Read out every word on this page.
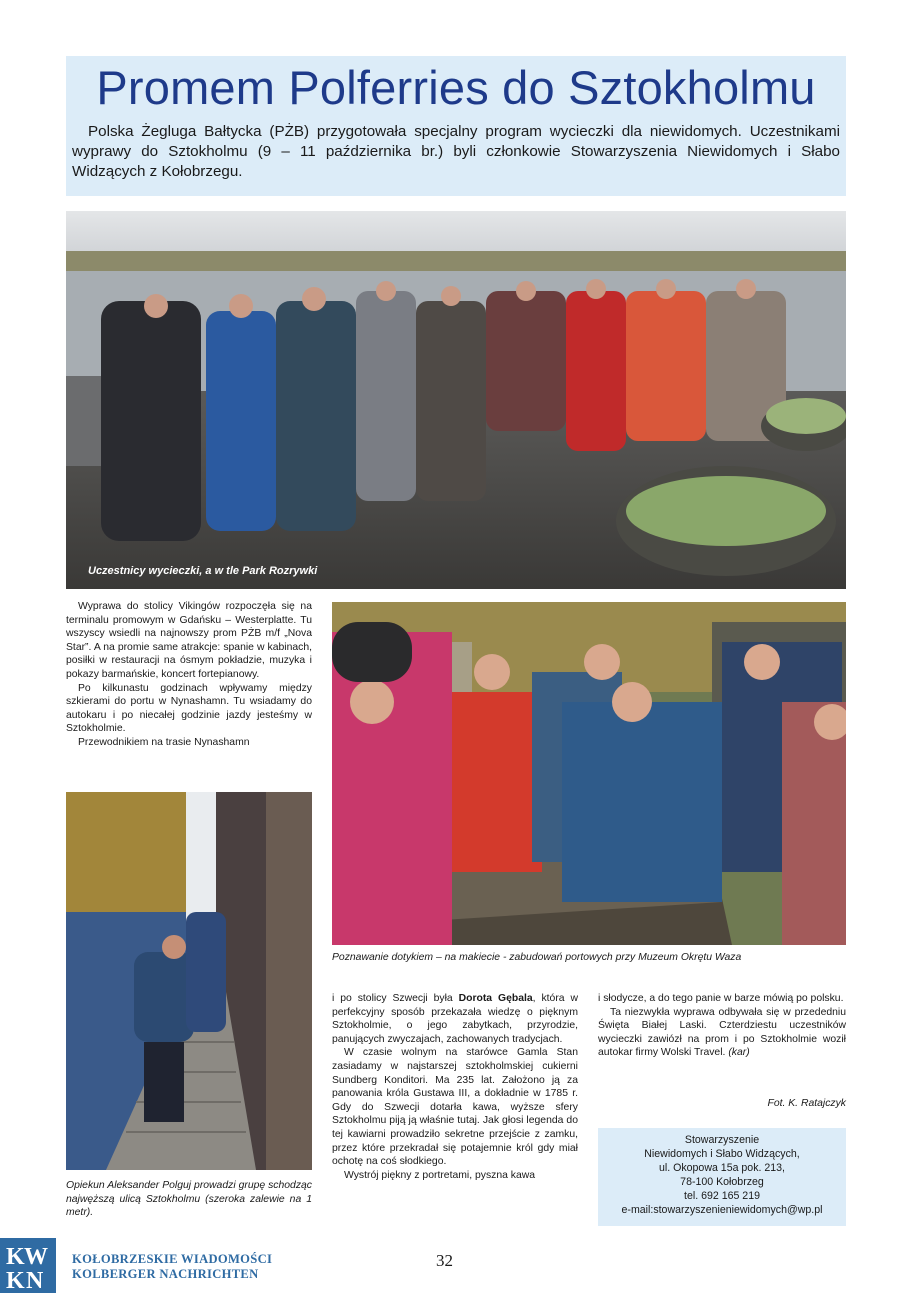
Promem Polferries do Sztokholmu
Polska Żegluga Bałtycka (PŻB) przygotowała specjalny program wycieczki dla niewidomych. Uczestnikami wyprawy do Sztokholmu (9 – 11 października br.) byli członkowie Stowarzyszenia Niewidomych i Słabo Widzących z Kołobrzegu.
Uczestnicy wycieczki, a w tle Park Rozrywki

Wyprawa do stolicy Vikingów rozpoczęła się na terminalu promowym w Gdańsku – Westerplatte. Tu wszyscy wsiedli na najnowszy prom PŻB m/f „Nova Star”. A na promie same atrakcje: spanie w kabinach, posiłki w restauracji na ósmym pokładzie, muzyka i pokazy barmańskie, koncert fortepianowy.

Po kilkunastu godzinach wpływamy między szkierami do portu w Nynashamn. Tu wsiadamy do autokaru i po niecałej godzinie jazdy jesteśmy w Sztokholmie.

Przewodnikiem na trasie Nynashamn

Poznawanie dotykiem – na makiecie - zabudowań portowych przy Muzeum Okrętu Waza
Opiekun Aleksander Polguj prowadzi grupę schodząc najwęższą ulicą Sztokholmu (szeroka zalewie na 1 metr).

i po stolicy Szwecji była Dorota Gębala, która w perfekcyjny sposób przekazała wiedzę o pięknym Sztokholmie, o jego zabytkach, przyrodzie, panujących zwyczajach, zachowanych tradycjach.

W czasie wolnym na starówce Gamla Stan zasiadamy w najstarszej sztokholmskiej cukierni Sundberg Konditori. Ma 235 lat. Założono ją za panowania króla Gustawa III, a dokładnie w 1785 r. Gdy do Szwecji dotarła kawa, wyższe sfery Sztokholmu piją ją właśnie tutaj. Jak głosi legenda do tej kawiarni prowadziło sekretne przejście z zamku, przez które przekradał się potajemnie król gdy miał ochotę na coś słodkiego.

Wystrój piękny z portretami, pyszna kawa

i słodycze, a do tego panie w barze mówią po polsku.

Ta niezwykła wyprawa odbywała się w przededniu Święta Białej Laski. Czterdziestu uczestników wycieczki zawiózł na prom i po Sztokholmie woził autokar firmy Wolski Travel. (kar)

Fot. K. Ratajczyk
Stowarzyszenie
Niewidomych i Słabo Widzących,
ul. Okopowa 15a pok. 213,
78-100 Kołobrzeg
tel. 692 165 219
e-mail:stowarzyszenieniewidomych@wp.pl
K W
K N
KOŁOBRZESKIE WIADOMOŚCI
KOLBERGER NACHRICHTEN
32
